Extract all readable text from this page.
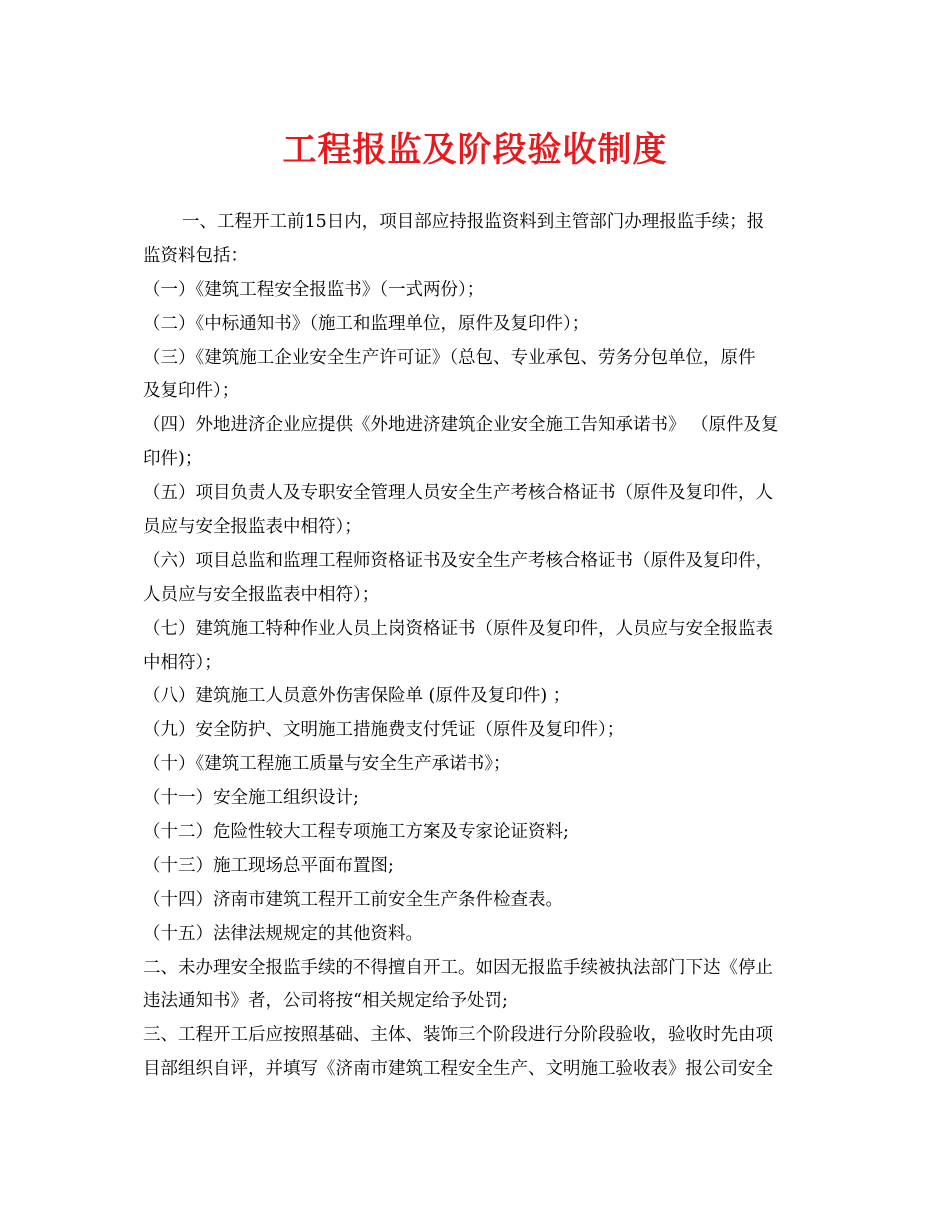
工程报监及阶段验收制度
一、工程开工前15日内，项目部应持报监资料到主管部门办理报监手续；报
监资料包括：
（一）《建筑工程安全报监书》（一式两份）；
（二）《中标通知书》（施工和监理单位，原件及复印件）；
（三）《建筑施工企业安全生产许可证》（总包、专业承包、劳务分包单位，原件
及复印件）；
（四）外地进济企业应提供《外地进济建筑企业安全施工告知承诺书》 （原件及复
印件)；
（五）项目负责人及专职安全管理人员安全生产考核合格证书（原件及复印件，人
员应与安全报监表中相符）；
（六）项目总监和监理工程师资格证书及安全生产考核合格证书（原件及复印件，
人员应与安全报监表中相符）；
（七）建筑施工特种作业人员上岗资格证书（原件及复印件，人员应与安全报监表
中相符）；
（八）建筑施工人员意外伤害保险单 (原件及复印件) ；
（九）安全防护、文明施工措施费支付凭证（原件及复印件）；
（十）《建筑工程施工质量与安全生产承诺书》；
（十一）安全施工组织设计;
（十二）危险性较大工程专项施工方案及专家论证资料;
（十三）施工现场总平面布置图;
（十四）济南市建筑工程开工前安全生产条件检查表。
（十五）法律法规规定的其他资料。
二、未办理安全报监手续的不得擅自开工。如因无报监手续被执法部门下达《停止
违法通知书》者，公司将按“相关规定给予处罚;
三、工程开工后应按照基础、主体、装饰三个阶段进行分阶段验收，验收时先由项
目部组织自评，并填写《济南市建筑工程安全生产、文明施工验收表》报公司安全
